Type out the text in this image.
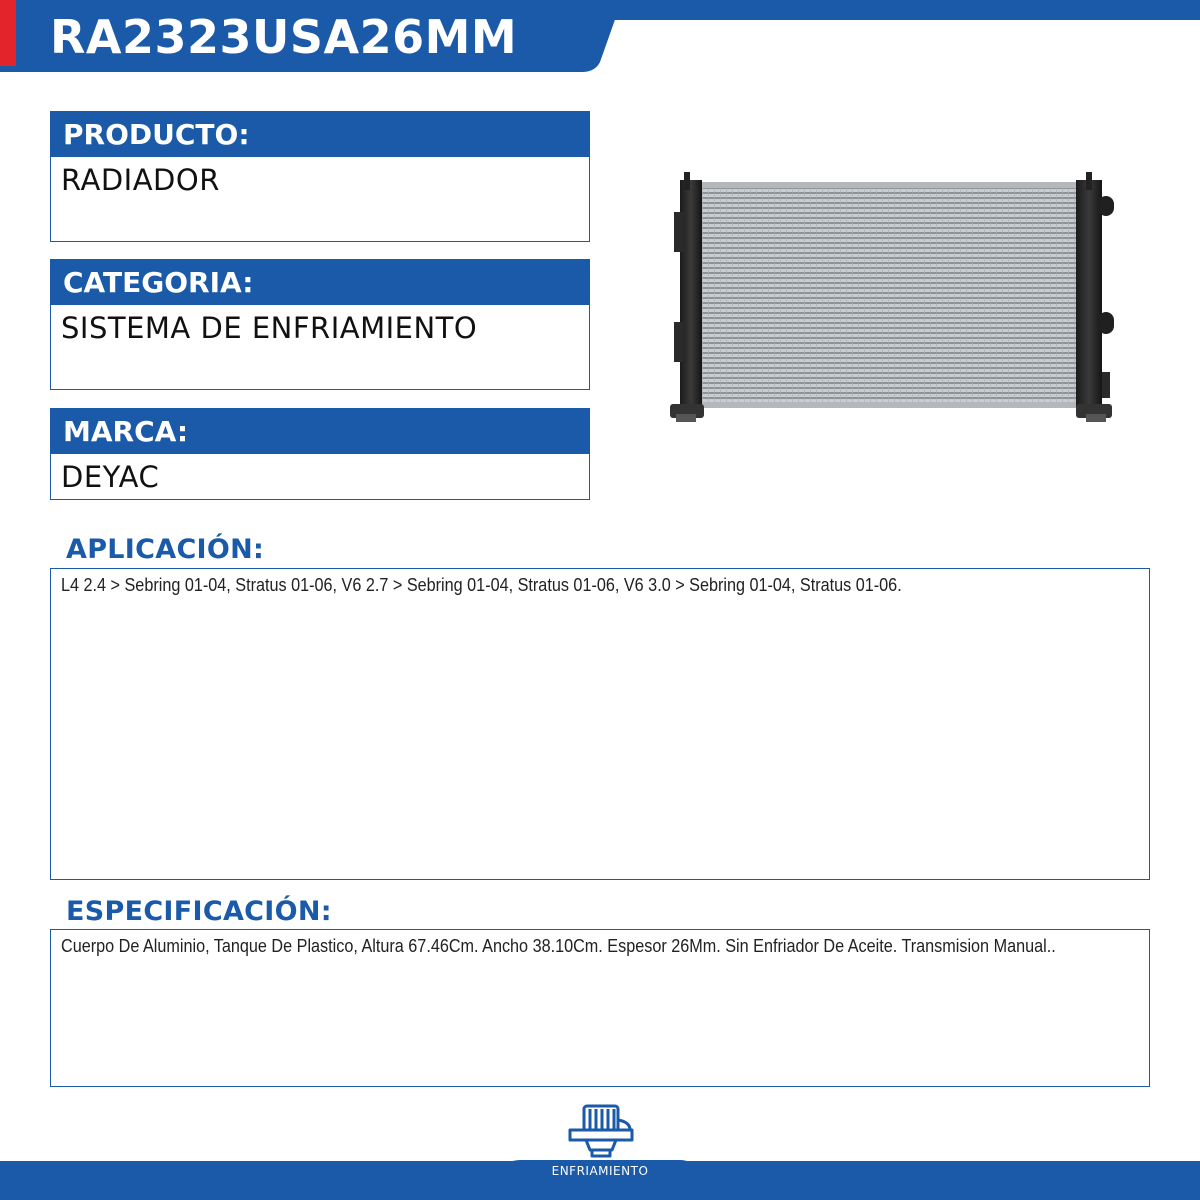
RA2323USA26MM
PRODUCTO:
RADIADOR
CATEGORIA:
SISTEMA DE ENFRIAMIENTO
MARCA:
DEYAC
APLICACIÓN:
L4 2.4 > Sebring 01-04, Stratus 01-06, V6 2.7 > Sebring 01-04, Stratus 01-06, V6 3.0 > Sebring 01-04, Stratus 01-06.
ESPECIFICACIÓN:
Cuerpo De Aluminio, Tanque De Plastico, Altura 67.46Cm. Ancho 38.10Cm. Espesor 26Mm. Sin Enfriador De Aceite. Transmision Manual..
ENFRIAMIENTO
